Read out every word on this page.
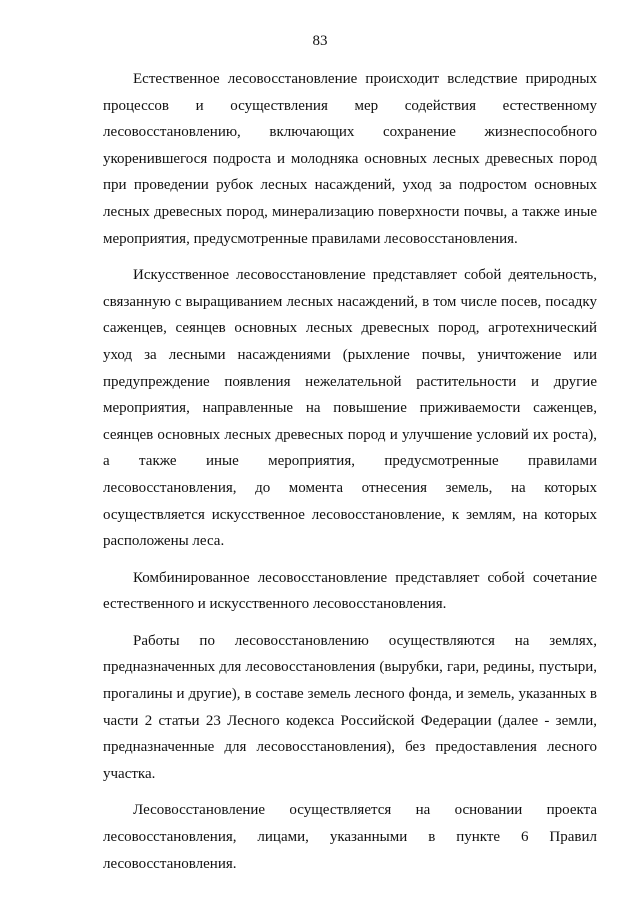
83

Естественное лесовосстановление происходит вследствие природных
процессов и осуществления мер содействия естественному
лесовосстановлению, включающих сохранение жизнеспособного
укоренившегося подроста и молодняка основных лесных древесных пород
при проведении рубок лесных насаждений, уход за подростом основных
лесных древесных пород, минерализацию поверхности почвы, а также иные
мероприятия, предусмотренные правилами лесовосстановления.

Искусственное лесовосстановление представляет собой деятельность,
связанную с выращиванием лесных насаждений, в том числе посев, посадку
саженцев, сеянцев основных лесных древесных пород, агротехнический
уход за лесными насаждениями (рыхление почвы, уничтожение или
предупреждение появления нежелательной растительности и другие
мероприятия, направленные на повышение приживаемости саженцев,
сеянцев основных лесных древесных пород и улучшение условий их роста),
а также иные мероприятия, предусмотренные правилами
лесовосстановления, до момента отнесения земель, на которых
осуществляется искусственное лесовосстановление, к землям, на которых
расположены леса.

Комбинированное лесовосстановление представляет собой сочетание
естественного и искусственного лесовосстановления.

Работы по лесовосстановлению осуществляются на землях,
предназначенных для лесовосстановления (вырубки, гари, редины, пустыри,
прогалины и другие), в составе земель лесного фонда, и земель, указанных в
части 2 статьи 23 Лесного кодекса Российской Федерации (далее - земли,
предназначенные для лесовосстановления), без предоставления лесного
участка.

Лесовосстановление осуществляется на основании проекта
лесовосстановления, лицами, указанными в пункте 6 Правил
лесовосстановления.
